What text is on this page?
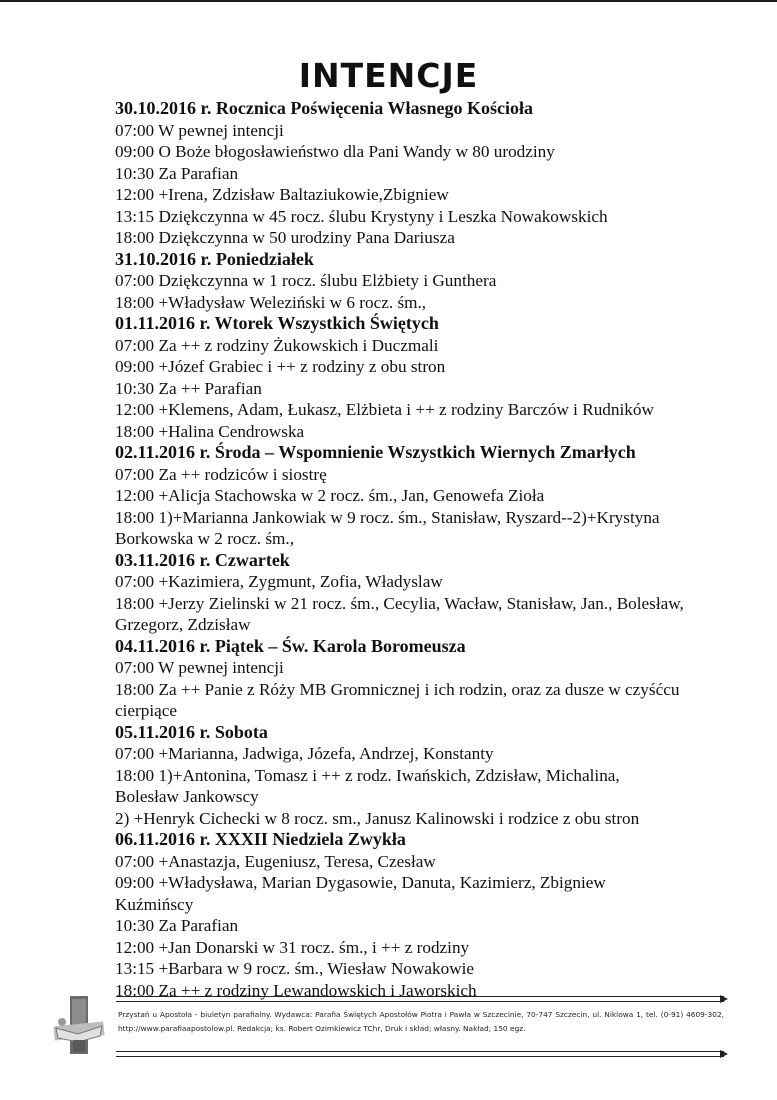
INTENCJE
30.10.2016 r. Rocznica Poświęcenia Własnego Kościoła
07:00 W pewnej intencji
09:00 O Boże błogosławieństwo dla Pani Wandy w 80 urodziny
10:30 Za Parafian
12:00 +Irena, Zdzisław Baltaziukowie,Zbigniew
13:15 Dziękczynna w 45 rocz. ślubu Krystyny i Leszka Nowakowskich
18:00 Dziękczynna w 50 urodziny Pana Dariusza
31.10.2016 r. Poniedziałek
07:00 Dziękczynna w 1 rocz. ślubu Elżbiety i Gunthera
18:00 +Władysław Weleziński w 6 rocz. śm.,
01.11.2016 r. Wtorek Wszystkich Świętych
07:00 Za ++ z rodziny Żukowskich i Duczmali
09:00 +Józef Grabiec i ++ z rodziny z obu stron
10:30 Za ++ Parafian
12:00 +Klemens, Adam, Łukasz, Elżbieta i ++ z rodziny Barczów i Rudników
18:00 +Halina Cendrowska
02.11.2016 r. Środa – Wspomnienie Wszystkich Wiernych Zmarłych
07:00 Za ++ rodziców i siostrę
12:00 +Alicja Stachowska w 2 rocz. śm., Jan, Genowefa Zioła
18:00 1)+Marianna Jankowiak w 9 rocz. śm., Stanisław, Ryszard--2)+Krystyna
Borkowska w 2 rocz. śm.,
03.11.2016 r. Czwartek
07:00 +Kazimiera, Zygmunt, Zofia, Władyslaw
18:00 +Jerzy Zielinski w 21 rocz. śm., Cecylia, Wacław, Stanisław, Jan., Bolesław,
Grzegorz, Zdzisław
04.11.2016 r. Piątek – Św. Karola Boromeusza
07:00 W pewnej intencji
18:00 Za ++ Panie z Róży MB Gromnicznej i ich rodzin, oraz za dusze w czyśćcu
cierpiące
05.11.2016 r. Sobota
07:00 +Marianna, Jadwiga, Józefa, Andrzej, Konstanty
18:00 1)+Antonina, Tomasz i ++ z rodz. Iwańskich, Zdzisław, Michalina,
Bolesław Jankowscy
2) +Henryk Cichecki w 8 rocz. sm., Janusz Kalinowski i rodzice z obu stron
06.11.2016 r. XXXII Niedziela Zwykła
07:00 +Anastazja, Eugeniusz, Teresa, Czesław
09:00 +Władysława, Marian Dygasowie, Danuta, Kazimierz, Zbigniew
Kuźmińscy
10:30 Za Parafian
12:00 +Jan Donarski w 31 rocz. śm., i ++ z rodziny
13:15 +Barbara w 9 rocz. śm., Wiesław Nowakowie
18:00 Za ++ z rodziny Lewandowskich i Jaworskich
Przystań u Apostoła - biuletyn parafialny. Wydawca: Parafia Świętych Apostołów Piotra i Pawła w Szczecinie, 70-747 Szczecin, ul. Niklowa 1, tel. (0-91) 4609-302, http://www.parafiaapostolow.pl. Redakcja; ks. Robert Ozimkiewicz TChr, Druk i skład; własny. Nakład; 150 egz.
